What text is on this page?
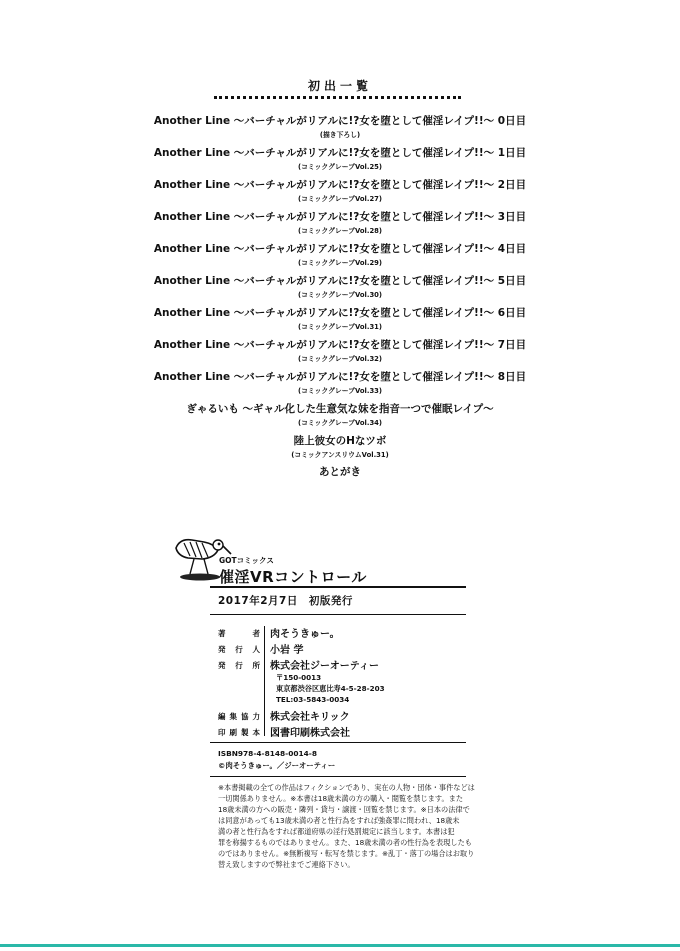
初出一覧
Another Line 〜バーチャルがリアルに!?女を堕として催淫レイプ!!〜 0日目
(描き下ろし)
Another Line 〜バーチャルがリアルに!?女を堕として催淫レイプ!!〜 1日目
(コミックグレープVol.25)
Another Line 〜バーチャルがリアルに!?女を堕として催淫レイプ!!〜 2日目
(コミックグレープVol.27)
Another Line 〜バーチャルがリアルに!?女を堕として催淫レイプ!!〜 3日目
(コミックグレープVol.28)
Another Line 〜バーチャルがリアルに!?女を堕として催淫レイプ!!〜 4日目
(コミックグレープVol.29)
Another Line 〜バーチャルがリアルに!?女を堕として催淫レイプ!!〜 5日目
(コミックグレープVol.30)
Another Line 〜バーチャルがリアルに!?女を堕として催淫レイプ!!〜 6日目
(コミックグレープVol.31)
Another Line 〜バーチャルがリアルに!?女を堕として催淫レイプ!!〜 7日目
(コミックグレープVol.32)
Another Line 〜バーチャルがリアルに!?女を堕として催淫レイプ!!〜 8日目
(コミックグレープVol.33)
ぎゃるいも 〜ギャル化した生意気な妹を指音一つで催眠レイプ〜
(コミックグレープVol.34)
陸上彼女のHなツボ
(コミックアンスリウムVol.31)
あとがき
GOTコミックス
催淫VRコントロール
2017年2月7日　初版発行
著	者 肉そうきゅー。
発 行 人 小岩 学
発 行 所 株式会社ジーオーティー
〒150-0013
東京都渋谷区恵比寿4-5-28-203
TEL:03-5843-0034
編 集 協 力 株式会社キリック
印 刷 製 本 図書印刷株式会社
ISBN978-4-8148-0014-8
©肉そうきゅー。／ジーオーティー
※本書掲載の全ての作品はフィクションであり、実在の人物・団体・事件などは
一切関係ありません。※本書は18歳未満の方の購入・閲覧を禁じます。また
18歳未満の方への販売・隣列・貸与・譲渡・回覧を禁じます。※日本の法律で
は同意があっても13歳未満の者と性行為をすれば強姦罪に問われ、18歳未
満の者と性行為をすれば都道府県の淫行処罰規定に該当します。本書は犯
罪を称揚するものではありません。また、18歳未満の者の性行為を表現したも
のではありません。※無断複写・転写を禁じます。※乱丁・落丁の場合はお取り
替え致しますので弊社までご連絡下さい。
